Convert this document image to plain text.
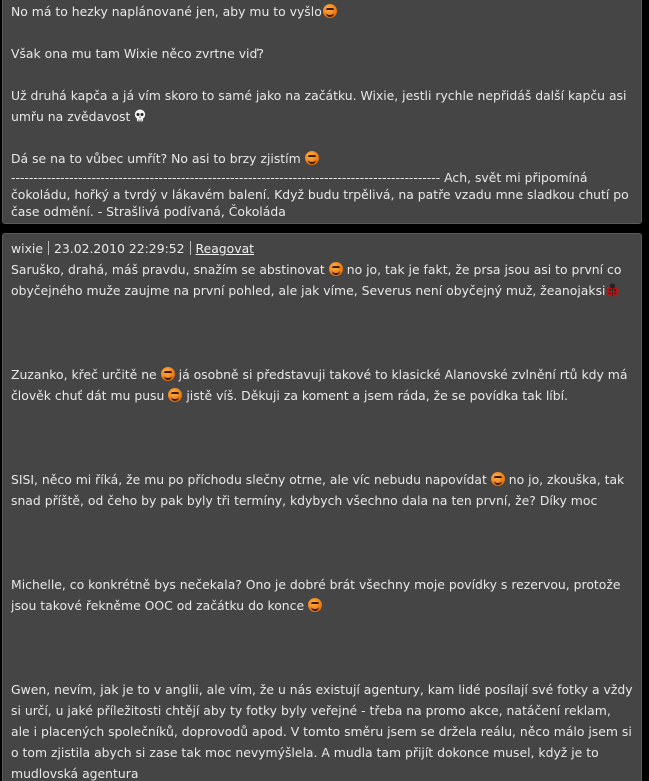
No má to hezky naplánované jen, aby mu to vyšlo

Však ona mu tam Wixie něco zvrtne viď?

Už druhá kapča a já vím skoro to samé jako na začátku. Wixie, jestli rychle nepřidáš další kapču asi umřu na zvědavost

Dá se na to vůbec umřít? No asi to brzy zjistím

------------------------------------------------------------------------------------------------ Ach, svět mi připomíná čokoládu, hořký a tvrdý v lákavém balení. Když budu trpělivá, na patře vzadu mne sladkou chutí po čase odmění. - Strašlivá podívaná, Čokoláda

wixie 23.02.2010 22:29:52 Reagovat

Saruško, drahá, máš pravdu, snažím se abstinovat no jo, tak je fakt, že prsa jsou asi to první co obyčejného muže zaujme na první pohled, ale jak víme, Severus není obyčejný muž, žeanojaksi

Zuzanko, křeč určitě ne já osobně si představuji takové to klasické Alanovské zvlnění rtů kdy má člověk chuť dát mu pusu jistě víš. Děkuji za koment a jsem ráda, že se povídka tak líbí.

SISI, něco mi říká, že mu po příchodu slečny otrne, ale víc nebudu napovídat no jo, zkouška, tak snad příště, od čeho by pak byly tři termíny, kdybych všechno dala na ten první, že? Díky moc

Michelle, co konkrétně bys nečekala? Ono je dobré brát všechny moje povídky s rezervou, protože jsou takové řekněme OOC od začátku do konce

Gwen, nevím, jak je to v anglii, ale vím, že u nás existují agentury, kam lidé posílají své fotky a vždy si určí, u jaké příležitosti chtějí aby ty fotky byly veřejné - třeba na promo akce, natáčení reklam, ale i placených společníků, doprovodů apod. V tomto směru jsem se držela reálu, něco málo jsem si o tom zjistila abych si zase tak moc nevymýšlela. A mudla tam přijít dokonce musel, když je to mudlovská agentura
